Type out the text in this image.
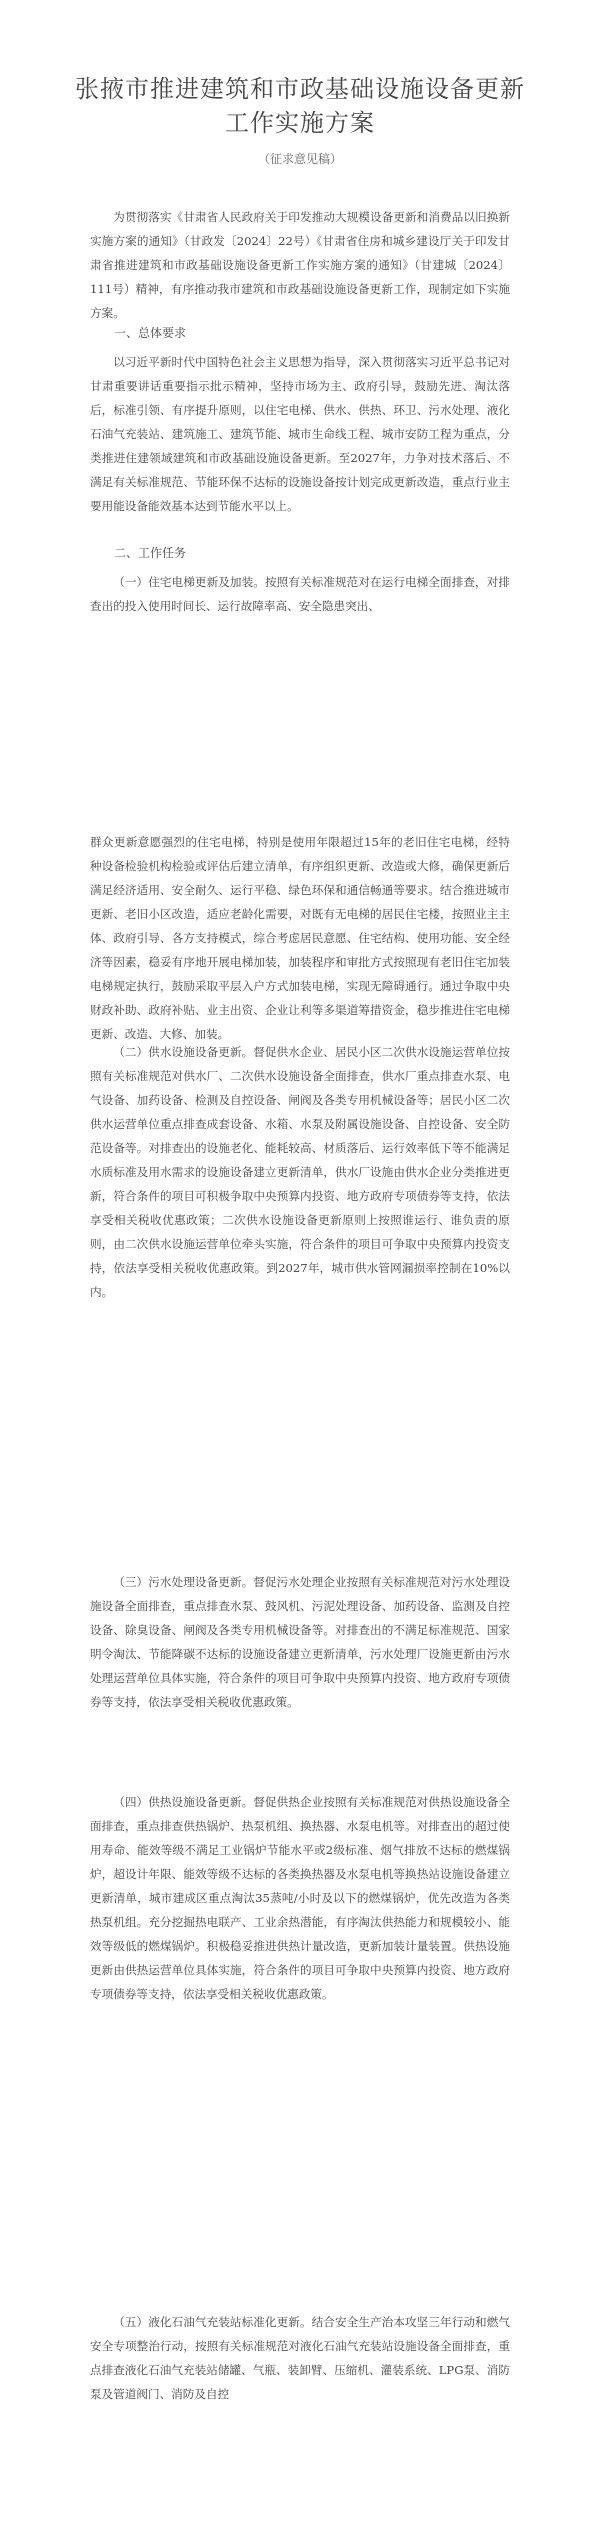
张掖市推进建筑和市政基础设施设备更新工作实施方案
（征求意见稿）

为贯彻落实《甘肃省人民政府关于印发推动大规模设备更新和消费品以旧换新实施方案的通知》（甘政发〔2024〕22号）《甘肃省住房和城乡建设厅关于印发甘肃省推进建筑和市政基础设施设备更新工作实施方案的通知》（甘建城〔2024〕111号）精神，有序推动我市建筑和市政基础设施设备更新工作，现制定如下实施方案。

一、总体要求

以习近平新时代中国特色社会主义思想为指导，深入贯彻落实习近平总书记对甘肃重要讲话重要指示批示精神，坚持市场为主、政府引导，鼓励先进、淘汰落后，标准引领、有序提升原则，以住宅电梯、供水、供热、环卫、污水处理、液化石油气充装站、建筑施工、建筑节能、城市生命线工程、城市安防工程为重点，分类推进住建领域建筑和市政基础设施设备更新。至2027年，力争对技术落后、不满足有关标准规范、节能环保不达标的设施设备按计划完成更新改造，重点行业主要用能设备能效基本达到节能水平以上。

二、工作任务

（一）住宅电梯更新及加装。按照有关标准规范对在运行电梯全面排查，对排查出的投入使用时间长、运行故障率高、安全隐患突出、

群众更新意愿强烈的住宅电梯，特别是使用年限超过15年的老旧住宅电梯，经特种设备检验机构检验或评估后建立清单，有序组织更新、改造或大修，确保更新后满足经济适用、安全耐久、运行平稳、绿色环保和通信畅通等要求。结合推进城市更新、老旧小区改造，适应老龄化需要，对既有无电梯的居民住宅楼，按照业主主体、政府引导、各方支持模式，综合考虑居民意愿、住宅结构、使用功能、安全经济等因素，稳妥有序地开展电梯加装，加装程序和审批方式按照现有老旧住宅加装电梯规定执行，鼓励采取平层入户方式加装电梯，实现无障碍通行。通过争取中央财政补助、政府补贴、业主出资、企业让利等多渠道筹措资金，稳步推进住宅电梯更新、改造、大修、加装。

（二）供水设施设备更新。督促供水企业、居民小区二次供水设施运营单位按照有关标准规范对供水厂、二次供水设施设备全面排查，供水厂重点排查水泵、电气设备、加药设备、检测及自控设备、闸阀及各类专用机械设备等；居民小区二次供水运营单位重点排查成套设备、水箱、水泵及附属设施设备、自控设备、安全防范设备等。对排查出的设施老化、能耗较高、材质落后、运行效率低下等不能满足水质标准及用水需求的设施设备建立更新清单，供水厂设施由供水企业分类推进更新，符合条件的项目可积极争取中央预算内投资、地方政府专项债券等支持，依法享受相关税收优惠政策；二次供水设施设备更新原则上按照谁运行、谁负责的原则，由二次供水设施运营单位牵头实施，符合条件的项目可争取中央预算内投资支持，依法享受相关税收优惠政策。到2027年，城市供水管网漏损率控制在10%以内。

（三）污水处理设备更新。督促污水处理企业按照有关标准规范对污水处理设施设备全面排查，重点排查水泵、鼓风机、污泥处理设备、加药设备、监测及自控设备、除臭设备、闸阀及各类专用机械设备等。对排查出的不满足标准规范、国家明令淘汰、节能降碳不达标的设施设备建立更新清单，污水处理厂设施更新由污水处理运营单位具体实施，符合条件的项目可争取中央预算内投资、地方政府专项债券等支持，依法享受相关税收优惠政策。

（四）供热设施设备更新。督促供热企业按照有关标准规范对供热设施设备全面排查，重点排查供热锅炉、热泵机组、换热器、水泵电机等。对排查出的超过使用寿命、能效等级不满足工业锅炉节能水平或2级标准、烟气排放不达标的燃煤锅炉，超设计年限、能效等级不达标的各类换热器及水泵电机等换热站设施设备建立更新清单，城市建成区重点淘汰35蒸吨/小时及以下的燃煤锅炉，优先改造为各类热泵机组。充分挖掘热电联产、工业余热潜能，有序淘汰供热能力和规模较小、能效等级低的燃煤锅炉。积极稳妥推进供热计量改造，更新加装计量装置。供热设施更新由供热运营单位具体实施，符合条件的项目可争取中央预算内投资、地方政府专项债券等支持，依法享受相关税收优惠政策。

（五）液化石油气充装站标准化更新。结合安全生产治本攻坚三年行动和燃气安全专项整治行动，按照有关标准规范对液化石油气充装站设施设备全面排查，重点排查液化石油气充装站储罐、气瓶、装卸臂、压缩机、灌装系统、LPG泵、消防泵及管道阀门、消防及自控
